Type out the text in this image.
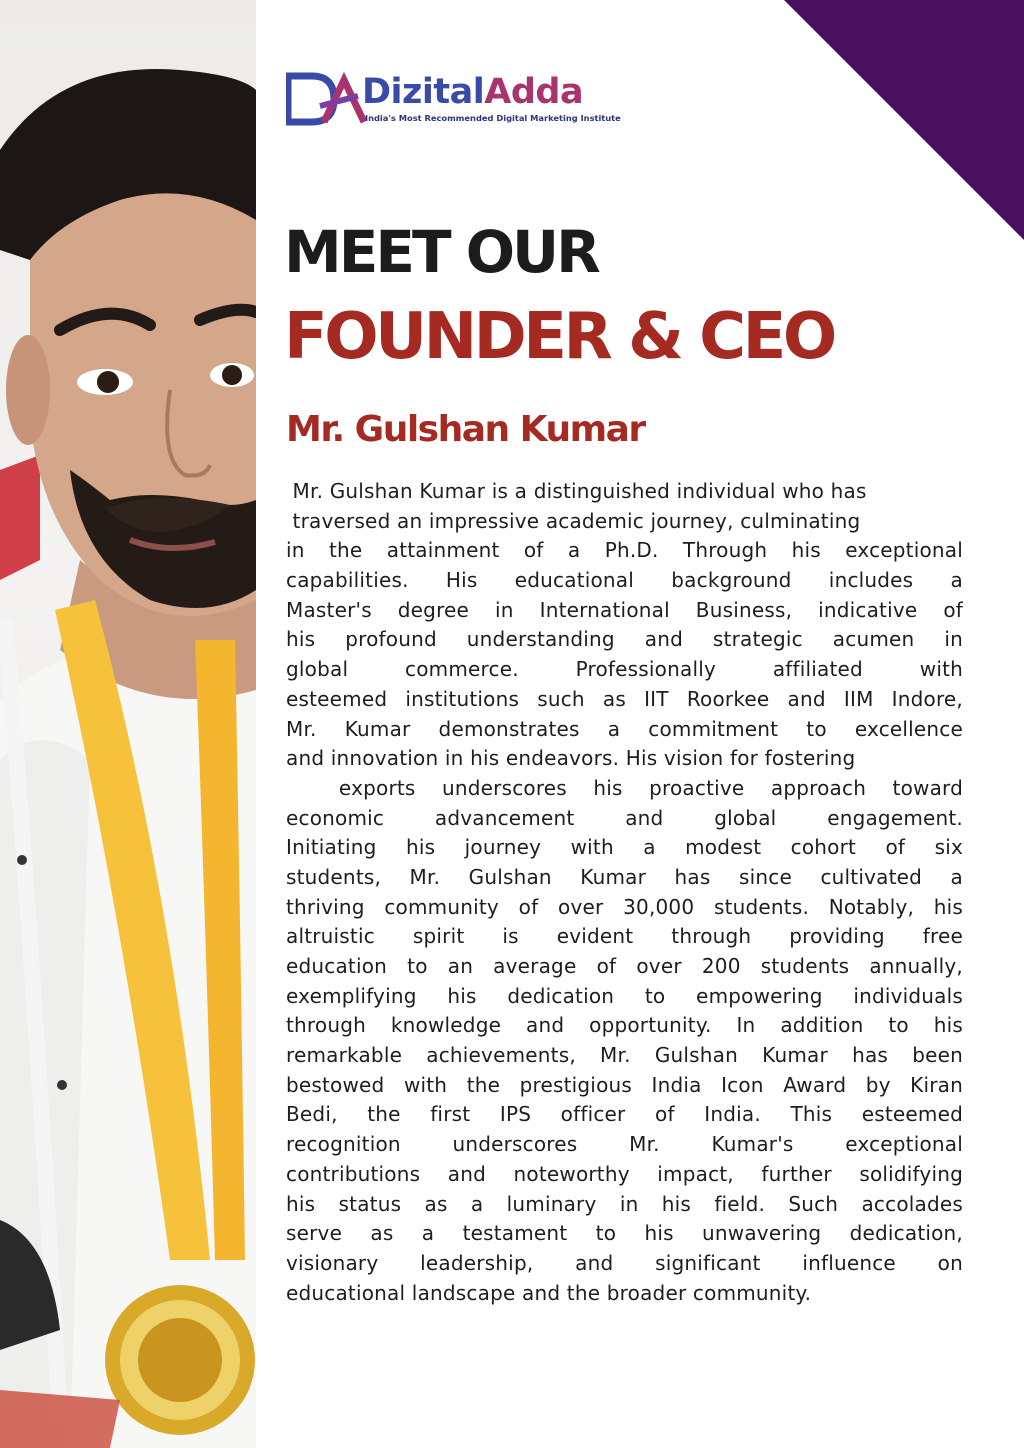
DizitalAdda
India's Most Recommended Digital Marketing Institute
MEET OUR
FOUNDER & CEO
Mr. Gulshan Kumar
Mr. Gulshan Kumar is a distinguished individual who has
traversed an impressive academic journey, culminating
in the attainment of a Ph.D. Through his exceptional
capabilities. His educational background includes a
Master's degree in International Business, indicative of
his profound understanding and strategic acumen in
global commerce. Professionally affiliated with
esteemed institutions such as IIT Roorkee and IIM Indore,
Mr. Kumar demonstrates a commitment to excellence
and innovation in his endeavors. His vision for fostering
exports underscores his proactive approach toward
economic advancement and global engagement.
Initiating his journey with a modest cohort of six
students, Mr. Gulshan Kumar has since cultivated a
thriving community of over 30,000 students. Notably, his
altruistic spirit is evident through providing free
education to an average of over 200 students annually,
exemplifying his dedication to empowering individuals
through knowledge and opportunity. In addition to his
remarkable achievements, Mr. Gulshan Kumar has been
bestowed with the prestigious India Icon Award by Kiran
Bedi, the first IPS officer of India. This esteemed
recognition underscores Mr. Kumar's exceptional
contributions and noteworthy impact, further solidifying
his status as a luminary in his field. Such accolades
serve as a testament to his unwavering dedication,
visionary leadership, and significant influence on
educational landscape and the broader community.
